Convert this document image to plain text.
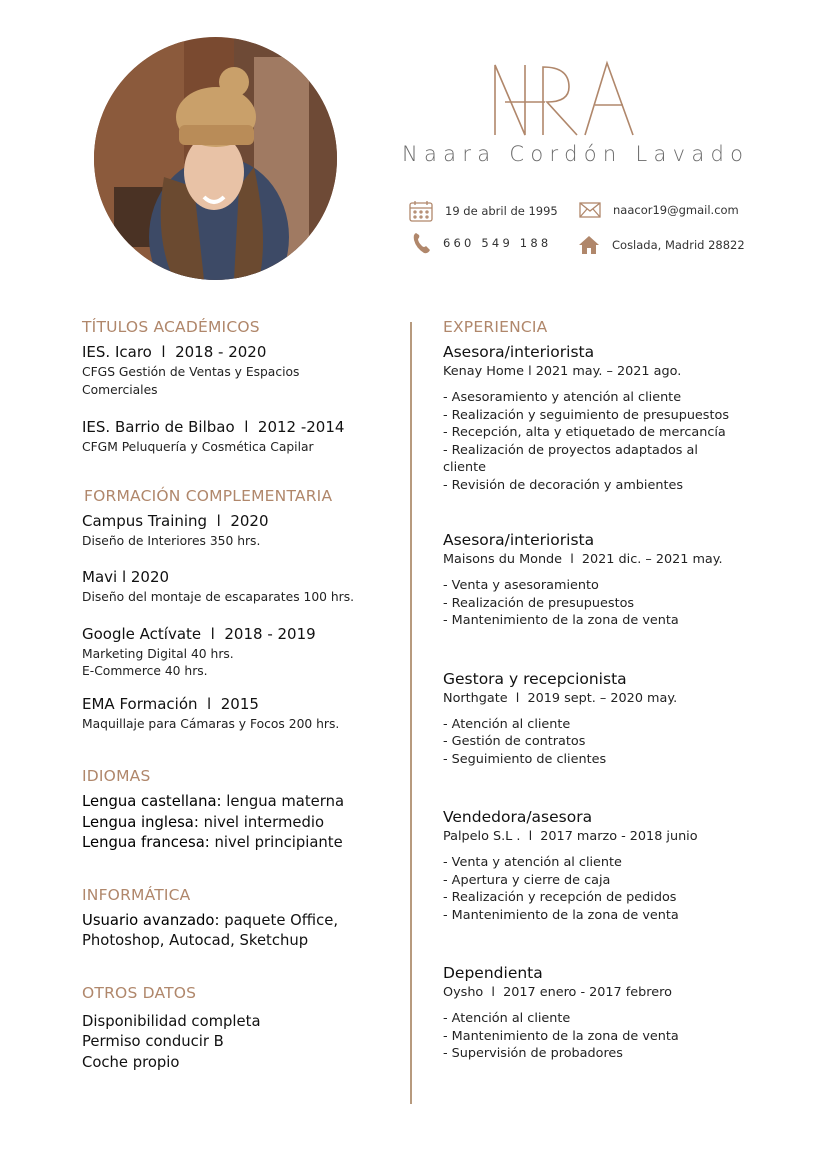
Naara Cordón Lavado
19 de abril de 1995	naacor19@gmail.com
660 549 188	Coslada, Madrid 28822
TÍTULOS ACADÉMICOS
IES. Icaro  l  2018 - 2020
CFGS Gestión de Ventas y Espacios Comerciales
IES. Barrio de Bilbao  l  2012 -2014
CFGM Peluquería y Cosmética Capilar
FORMACIÓN COMPLEMENTARIA
Campus Training  l  2020
Diseño de Interiores 350 hrs.
Mavi l 2020
Diseño del montaje de escaparates 100 hrs.
Google Actívate  l  2018 - 2019
Marketing Digital 40 hrs.
E-Commerce 40 hrs.
EMA Formación  l  2015
Maquillaje para Cámaras y Focos 200 hrs.
IDIOMAS
Lengua castellana: lengua materna
Lengua inglesa: nivel intermedio
Lengua francesa: nivel principiante
INFORMÁTICA
Usuario avanzado: paquete Office, Photoshop, Autocad, Sketchup
OTROS DATOS
Disponibilidad completa
Permiso conducir B
Coche propio
EXPERIENCIA
Asesora/interiorista
Kenay Home l 2021 may. – 2021 ago.
- Asesoramiento y atención al cliente
- Realización y seguimiento de presupuestos
- Recepción, alta y etiquetado de mercancía
- Realización de proyectos adaptados al cliente
- Revisión de decoración y ambientes
Asesora/interiorista
Maisons du Monde  l  2021 dic. – 2021 may.
- Venta y asesoramiento
- Realización de presupuestos
- Mantenimiento de la zona de venta
Gestora y recepcionista
Northgate  l  2019 sept. – 2020 may.
- Atención al cliente
- Gestión de contratos
- Seguimiento de clientes
Vendedora/asesora
Palpelo S.L .  l  2017 marzo - 2018 junio
- Venta y atención al cliente
- Apertura y cierre de caja
- Realización y recepción de pedidos
- Mantenimiento de la zona de venta
Dependienta
Oysho  l  2017 enero - 2017 febrero
- Atención al cliente
- Mantenimiento de la zona de venta
- Supervisión de probadores
